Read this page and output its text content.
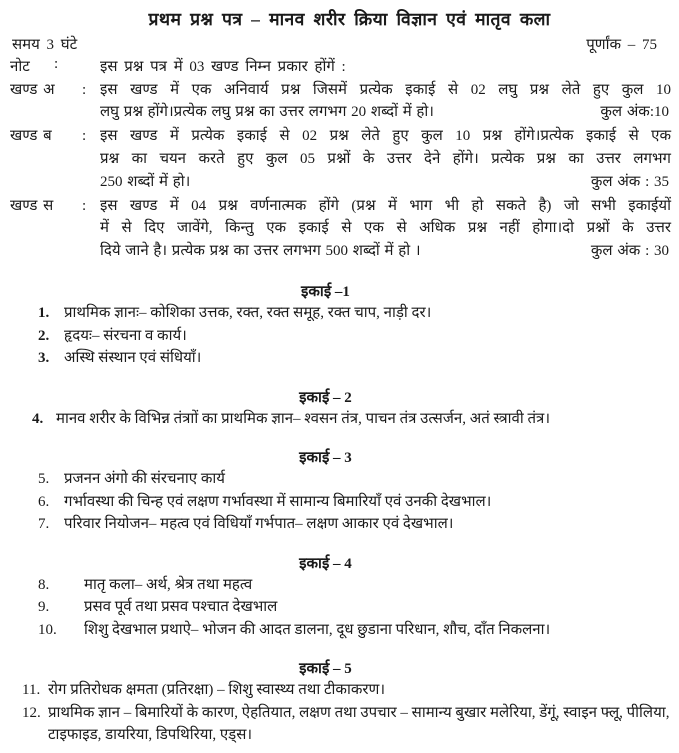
प्रथम प्रश्न पत्र – मानव शरीर क्रिया विज्ञान एवं मातृव कला
समय 3 घंटे	पूर्णांक – 75
नोट	:	इस प्रश्न पत्र में 03 खण्ड निम्न प्रकार होंगें :
खण्ड अ	: इस खण्ड में एक अनिवार्य प्रश्न जिसमें प्रत्येक इकाई से 02 लघु प्रश्न लेते हुए कुल 10
लघु प्रश्न होंगे।प्रत्येक लघु प्रश्न का उत्तर लगभग 20 शब्दों में हो।	कुल अंक:10
खण्ड ब	: इस खण्ड में प्रत्येक इकाई से 02 प्रश्न लेते हुए कुल 10 प्रश्न होंगे।प्रत्येक इकाई से एक
प्रश्न का चयन करते हुए कुल 05 प्रश्नों के उत्तर देने होंगे। प्रत्येक प्रश्न का उत्तर लगभग
250 शब्दों में हो।	कुल अंक : 35
खण्ड स	: इस खण्ड में 04 प्रश्न वर्णनात्मक होंगे (प्रश्न में भाग भी हो सकते है) जो सभी इकाईयों
में से दिए जावेंगे, किन्तु एक इकाई से एक से अधिक प्रश्न नहीं होगा।दो प्रश्नों के उत्तर
दिये जाने है। प्रत्येक प्रश्न का उत्तर लगभग 500 शब्दों में हो ।	कुल अंक : 30
इकाई –1
1. प्राथमिक ज्ञानः– कोशिका उत्तक, रक्त, रक्त समूह, रक्त चाप, नाड़ी दर।
2. हृदयः– संरचना व कार्य।
3. अस्थि संस्थान एवं संधियाँ।
इकाई – 2
4. मानव शरीर के विभिन्न तंत्राों का प्राथमिक ज्ञान– श्वसन तंत्र, पाचन तंत्र उत्सर्जन, अतं स्त्रावी तंत्र।
इकाई – 3
5. प्रजनन अंगो की संरचनाए कार्य
6. गर्भावस्था की चिन्ह एवं लक्षण गर्भावस्था में सामान्य बिमारियाँ एवं उनकी देखभाल।
7. परिवार नियोजन– महत्व एवं विधियाँ गर्भपात– लक्षण आकार एवं देखभाल।
इकाई – 4
8.	मातृ कला– अर्थ, श्रेत्र तथा महत्व
9.	प्रसव पूर्व तथा प्रसव पश्चात देखभाल
10.	शिशु देखभाल प्रथाऐ– भोजन की आदत डालना, दूध छुडाना परिधान, शौच, दाँत निकलना।
इकाई – 5
11. रोग प्रतिरोधक क्षमता (प्रतिरक्षा) – शिशु स्वास्थ्य तथा टीकाकरण।
12. प्राथमिक ज्ञान – बिमारियों के कारण, ऐहतियात, लक्षण तथा उपचार – सामान्य बुखार मलेरिया, डेंगूं, स्वाइन फ्लू, पीलिया, टाइफाइड, डायरिया, डिपथिरिया, एड्स।
